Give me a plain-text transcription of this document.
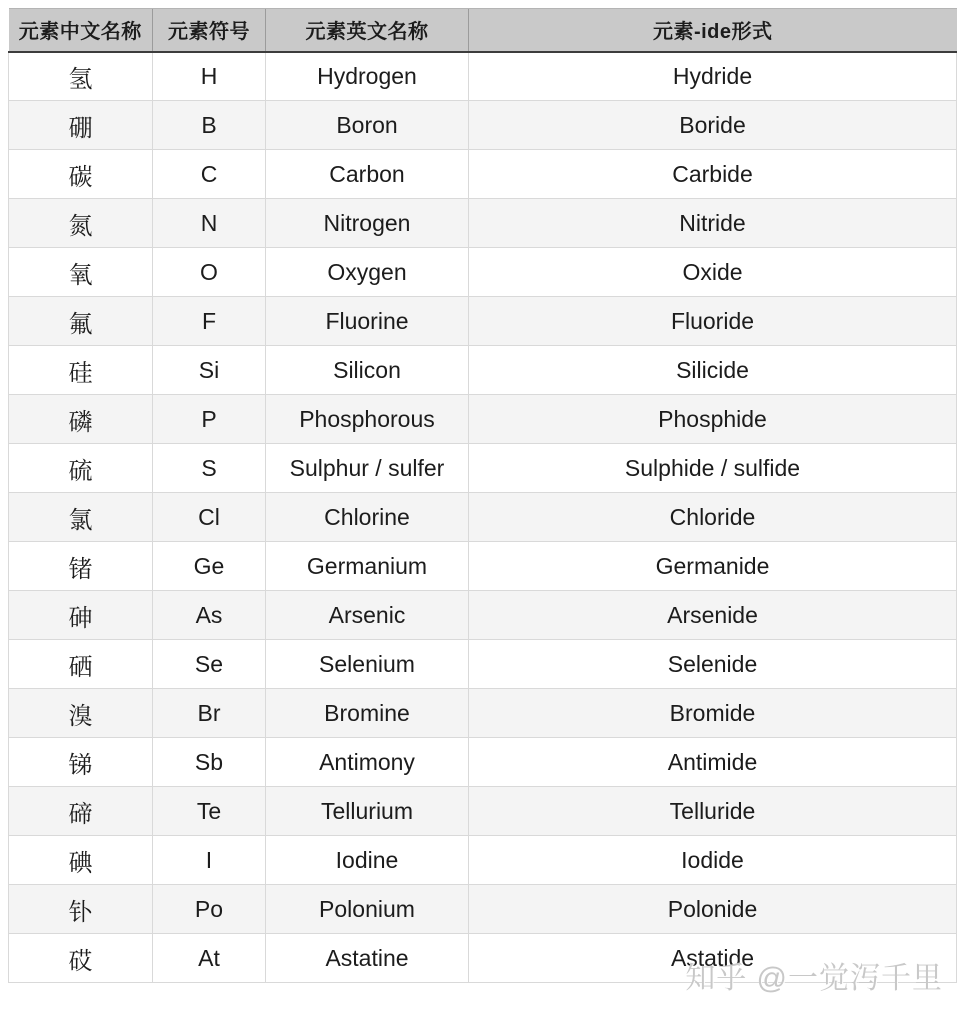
元素中文名称	元素符号	元素英文名称	元素-ide形式
氢	H	Hydrogen	Hydride
硼	B	Boron	Boride
碳	C	Carbon	Carbide
氮	N	Nitrogen	Nitride
氧	O	Oxygen	Oxide
氟	F	Fluorine	Fluoride
硅	Si	Silicon	Silicide
磷	P	Phosphorous	Phosphide
硫	S	Sulphur / sulfer	Sulphide / sulfide
氯	Cl	Chlorine	Chloride
锗	Ge	Germanium	Germanide
砷	As	Arsenic	Arsenide
硒	Se	Selenium	Selenide
溴	Br	Bromine	Bromide
锑	Sb	Antimony	Antimide
碲	Te	Tellurium	Telluride
碘	I	Iodine	Iodide
钋	Po	Polonium	Polonide
砹	At	Astatine	Astatide
知乎 @一觉泻千里
